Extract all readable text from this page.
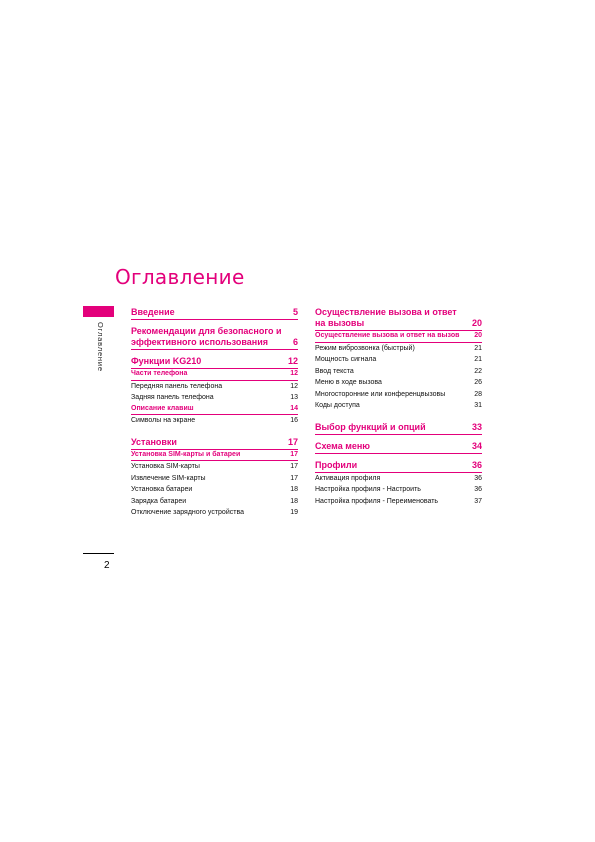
Оглавление
Оглавление
Введение	5
Рекомендации для безопасного и эффективного использования	6
Функции KG210	12
Части телефона	12
Передняя панель телефона	12
Задняя панель телефона	13
Описание клавиш	14
Символы на экране	16
Установки	17
Установка SIM-карты и батареи	17
Установка SIM-карты	17
Извлечение SIM-карты	17
Установка батареи	18
Зарядка батареи	18
Отключение зарядного устройства	19
Осуществление вызова и ответ на вызовы	20
Осуществление вызова и ответ на вызов 20
Режим виброзвонка (быстрый)	21
Мощность сигнала	21
Ввод текста	22
Меню в ходе вызова	26
Многосторонние или конференцвызовы	28
Коды доступа	31
Выбор функций и опций	33
Схема меню	34
Профили	36
Активация профиля	36
Настройка профиля - Настроить	36
Настройка профиля - Переименовать	37
2
